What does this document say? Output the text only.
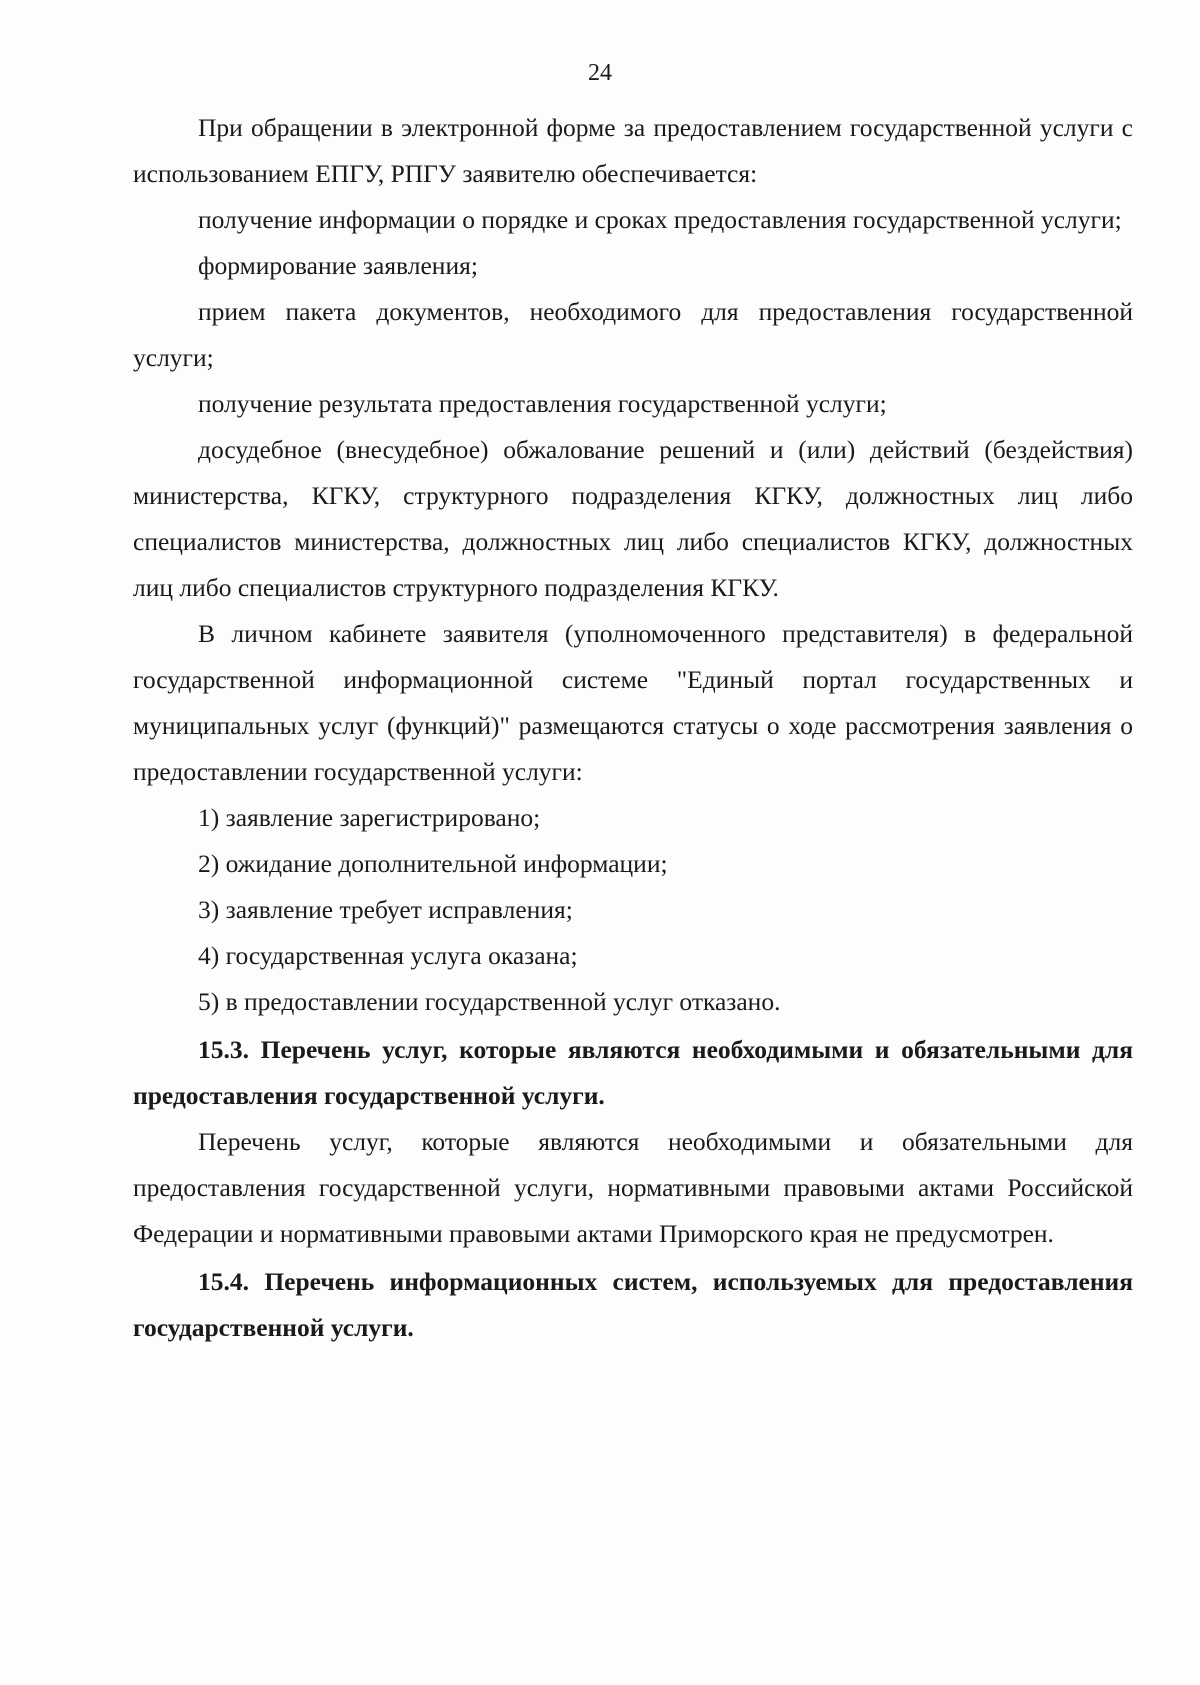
24

При обращении в электронной форме за предоставлением государственной услуги с использованием ЕПГУ, РПГУ заявителю обеспечивается:

получение информации о порядке и сроках предоставления государственной услуги;

формирование заявления;

прием пакета документов, необходимого для предоставления государственной услуги;

получение результата предоставления государственной услуги;

досудебное (внесудебное) обжалование решений и (или) действий (бездействия) министерства, КГКУ, структурного подразделения КГКУ, должностных лиц либо специалистов министерства, должностных лиц либо специалистов КГКУ, должностных лиц либо специалистов структурного подразделения КГКУ.

В личном кабинете заявителя (уполномоченного представителя) в федеральной государственной информационной системе "Единый портал государственных и муниципальных услуг (функций)" размещаются статусы о ходе рассмотрения заявления о предоставлении государственной услуги:

1) заявление зарегистрировано;

2) ожидание дополнительной информации;

3) заявление требует исправления;

4) государственная услуга оказана;

5) в предоставлении государственной услуг отказано.

15.3. Перечень услуг, которые являются необходимыми и обязательными для предоставления государственной услуги.

Перечень услуг, которые являются необходимыми и обязательными для предоставления государственной услуги, нормативными правовыми актами Российской Федерации и нормативными правовыми актами Приморского края не предусмотрен.

15.4. Перечень информационных систем, используемых для предоставления государственной услуги.
